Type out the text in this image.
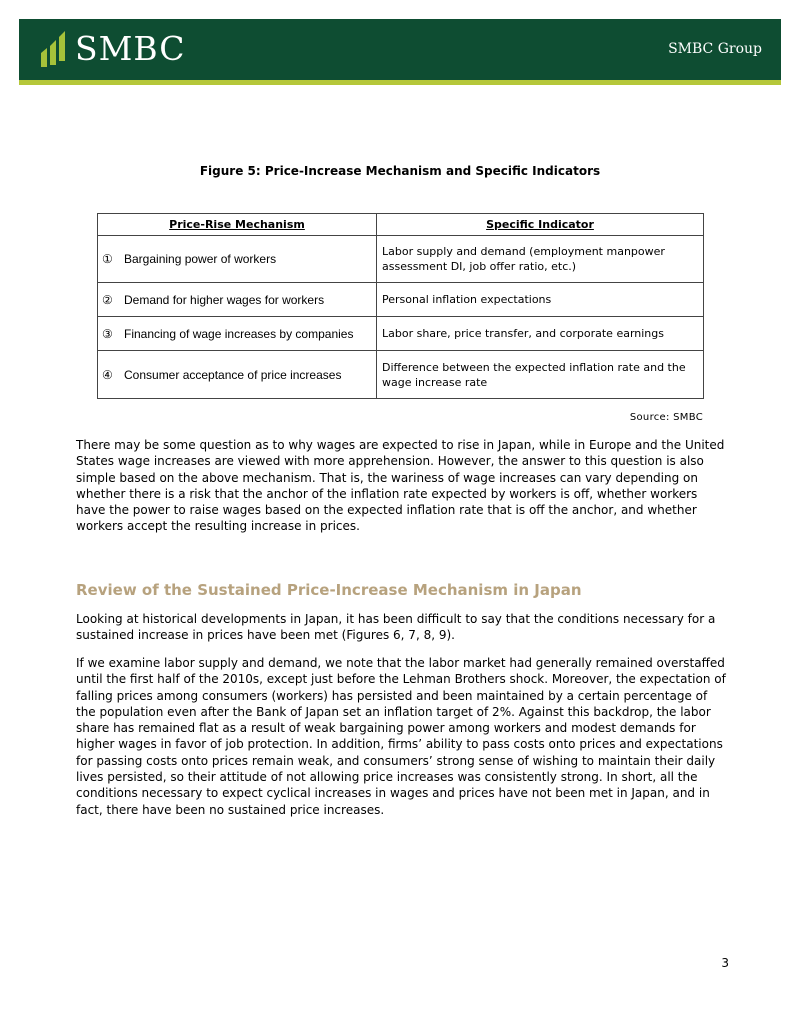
SMBC	SMBC Group
Figure 5: Price-Increase Mechanism and Specific Indicators
Price-Rise Mechanism	Specific Indicator
① Bargaining power of workers	Labor supply and demand (employment manpower assessment DI, job offer ratio, etc.)
② Demand for higher wages for workers	Personal inflation expectations
③ Financing of wage increases by companies	Labor share, price transfer, and corporate earnings
④ Consumer acceptance of price increases	Difference between the expected inflation rate and the wage increase rate
Source: SMBC

There may be some question as to why wages are expected to rise in Japan, while in Europe and the United States wage increases are viewed with more apprehension. However, the answer to this question is also simple based on the above mechanism. That is, the wariness of wage increases can vary depending on whether there is a risk that the anchor of the inflation rate expected by workers is off, whether workers have the power to raise wages based on the expected inflation rate that is off the anchor, and whether workers accept the resulting increase in prices.

Review of the Sustained Price-Increase Mechanism in Japan

Looking at historical developments in Japan, it has been difficult to say that the conditions necessary for a sustained increase in prices have been met (Figures 6, 7, 8, 9).

If we examine labor supply and demand, we note that the labor market had generally remained overstaffed until the first half of the 2010s, except just before the Lehman Brothers shock. Moreover, the expectation of falling prices among consumers (workers) has persisted and been maintained by a certain percentage of the population even after the Bank of Japan set an inflation target of 2%. Against this backdrop, the labor share has remained flat as a result of weak bargaining power among workers and modest demands for higher wages in favor of job protection. In addition, firms’ ability to pass costs onto prices and expectations for passing costs onto prices remain weak, and consumers’ strong sense of wishing to maintain their daily lives persisted, so their attitude of not allowing price increases was consistently strong. In short, all the conditions necessary to expect cyclical increases in wages and prices have not been met in Japan, and in fact, there have been no sustained price increases.

3
